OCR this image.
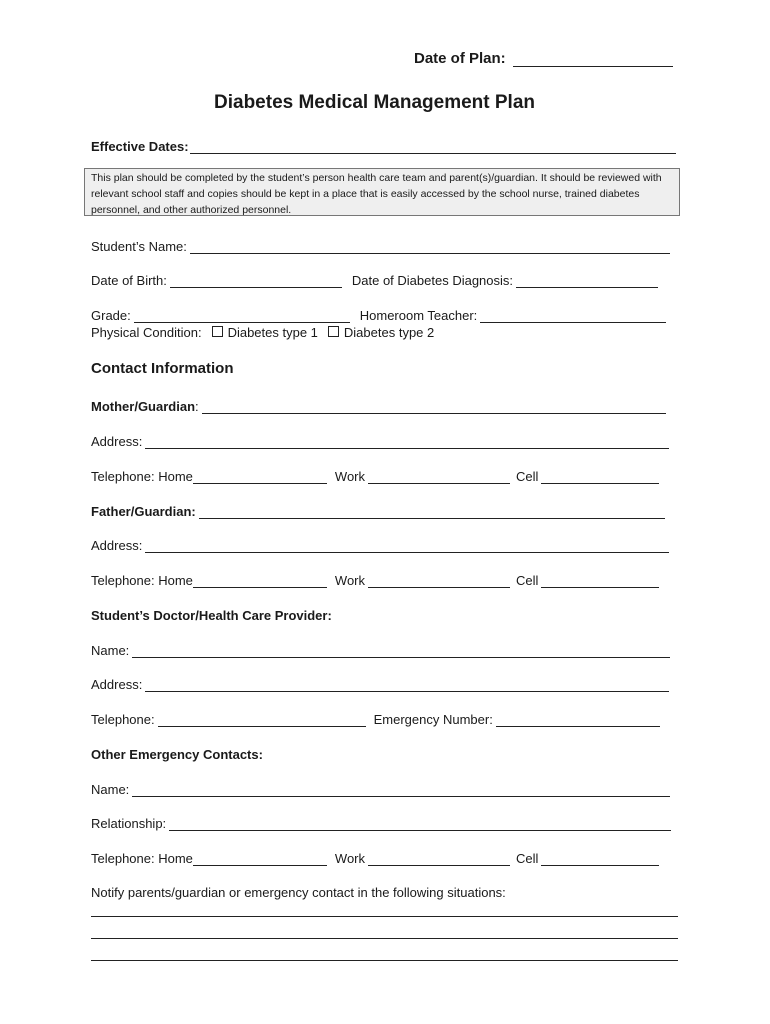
Date of Plan:
Diabetes Medical Management Plan
Effective Dates:
This plan should be completed by the student’s person health care team and parent(s)/guardian. It should be reviewed with relevant school staff and copies should be kept in a place that is easily accessed by the school nurse, trained diabetes personnel, and other authorized personnel.
Student’s Name:
Date of Birth:	Date of Diabetes Diagnosis:
Grade:	Homeroom Teacher:
Physical Condition: Diabetes type 1 Diabetes type 2
Contact Information
Mother/Guardian :
Address:
Telephone: Home	Work	Cell
Father/Guardian:
Address:
Telephone: Home	Work	Cell
Student’s Doctor/Health Care Provider:
Name:
Address:
Telephone:	Emergency Number:
Other Emergency Contacts:
Name:
Relationship:
Telephone: Home	Work	Cell
Notify parents/guardian or emergency contact in the following situations:
